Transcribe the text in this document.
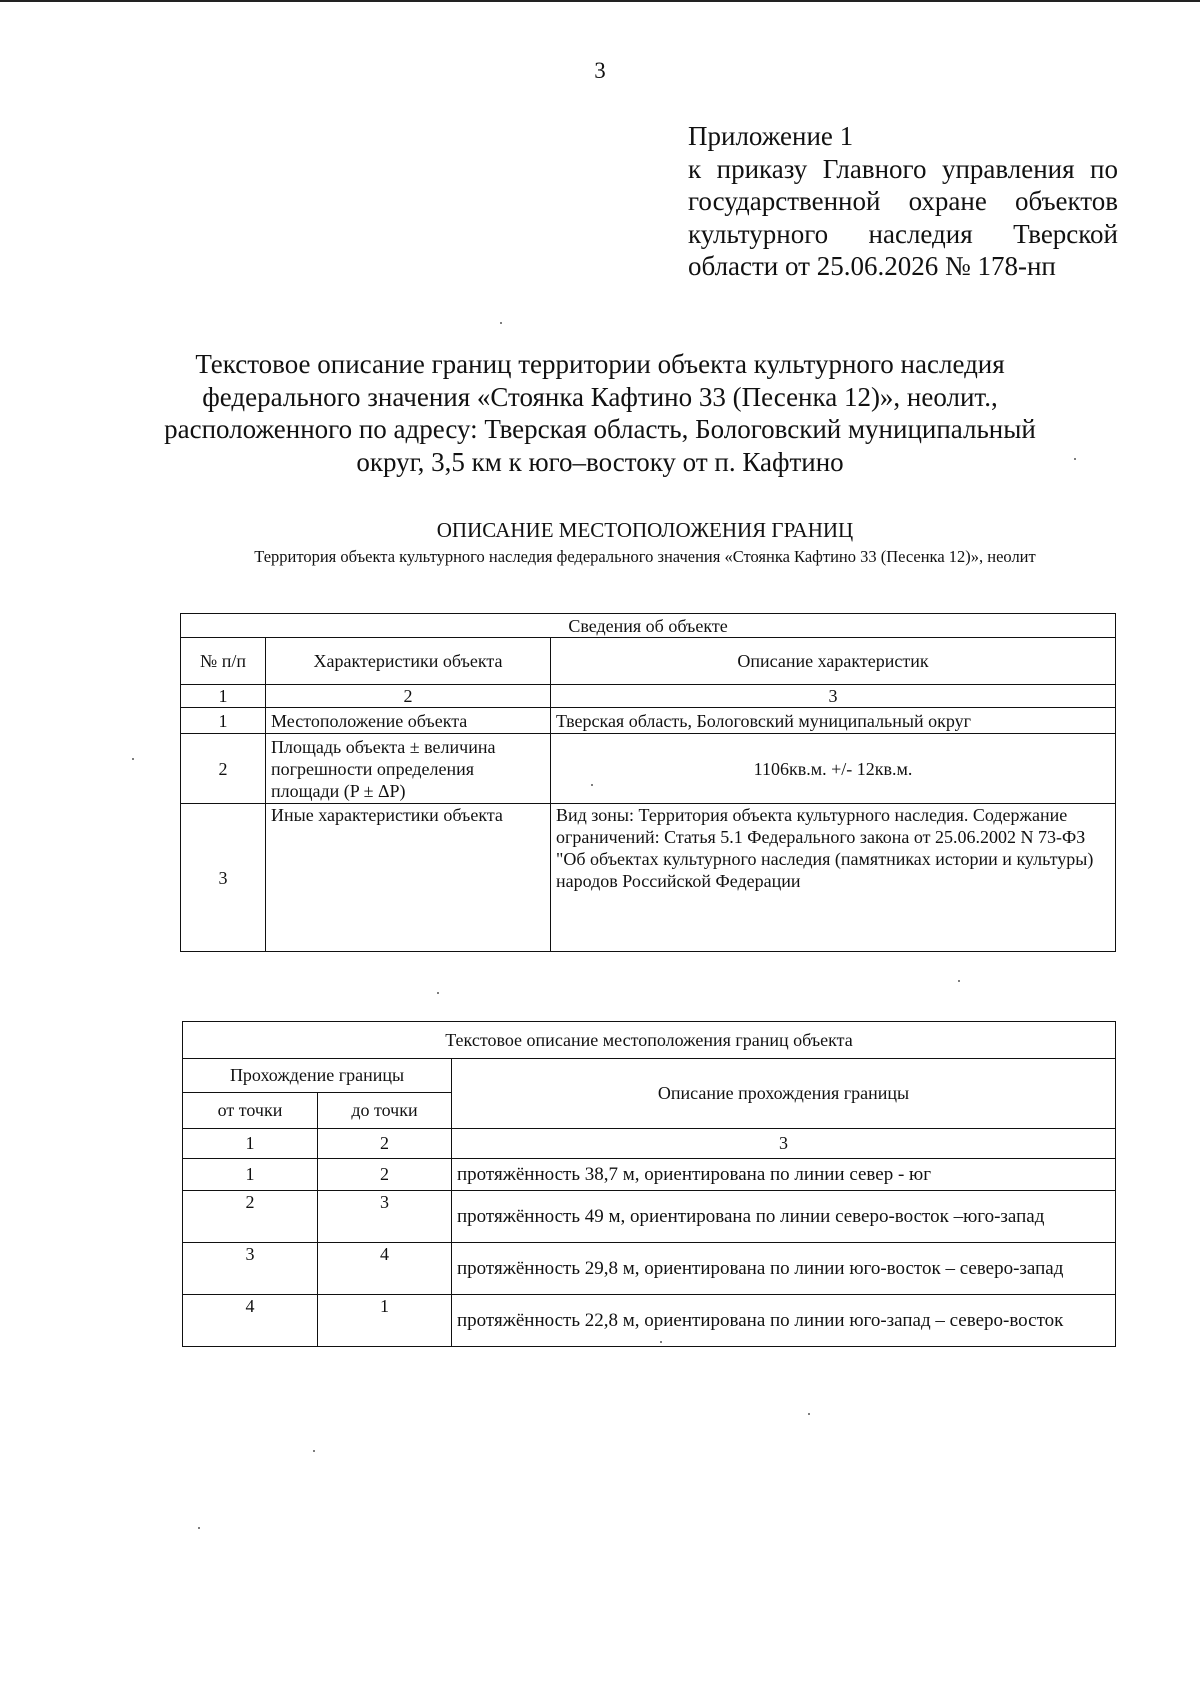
3
Приложение 1
к приказу Главного управления по государственной охране объектов культурного наследия Тверской области от 25.06.2026 № 178-нп
Текстовое описание границ территории объекта культурного наследия федерального значения «Стоянка Кафтино 33 (Песенка 12)», неолит., расположенного по адресу: Тверская область, Бологовский муниципальный округ, 3,5 км к юго–востоку от п. Кафтино
ОПИСАНИЕ МЕСТОПОЛОЖЕНИЯ ГРАНИЦ
Территория объекта культурного наследия федерального значения «Стоянка Кафтино 33 (Песенка 12)», неолит
Сведения об объекте		
№ п/п	Характеристики объекта	Описание характеристик
1	2	3
1	Местоположение объекта	Тверская область, Бологовский муниципальный округ
2	Площадь объекта ± величина погрешности определения площади (P ± ΔP)	1106кв.м. +/- 12кв.м.
3	Иные характеристики объекта	Вид зоны: Территория объекта культурного наследия. Содержание ограничений: Статья 5.1 Федерального закона от 25.06.2002 N 73-ФЗ "Об объектах культурного наследия (памятниках истории и культуры) народов Российской Федерации
Текстовое описание местоположения границ объекта		
Прохождение границы		Описание прохождения границы
от точки	до точки	
1	2	3
1	2	протяжённость 38,7 м, ориентирована по линии север - юг
2	3	протяжённость 49 м, ориентирована по линии северо-восток –юго-запад
3	4	протяжённость 29,8 м, ориентирована по линии юго-восток – северо-запад
4	1	протяжённость 22,8 м, ориентирована по линии юго-запад – северо-восток
